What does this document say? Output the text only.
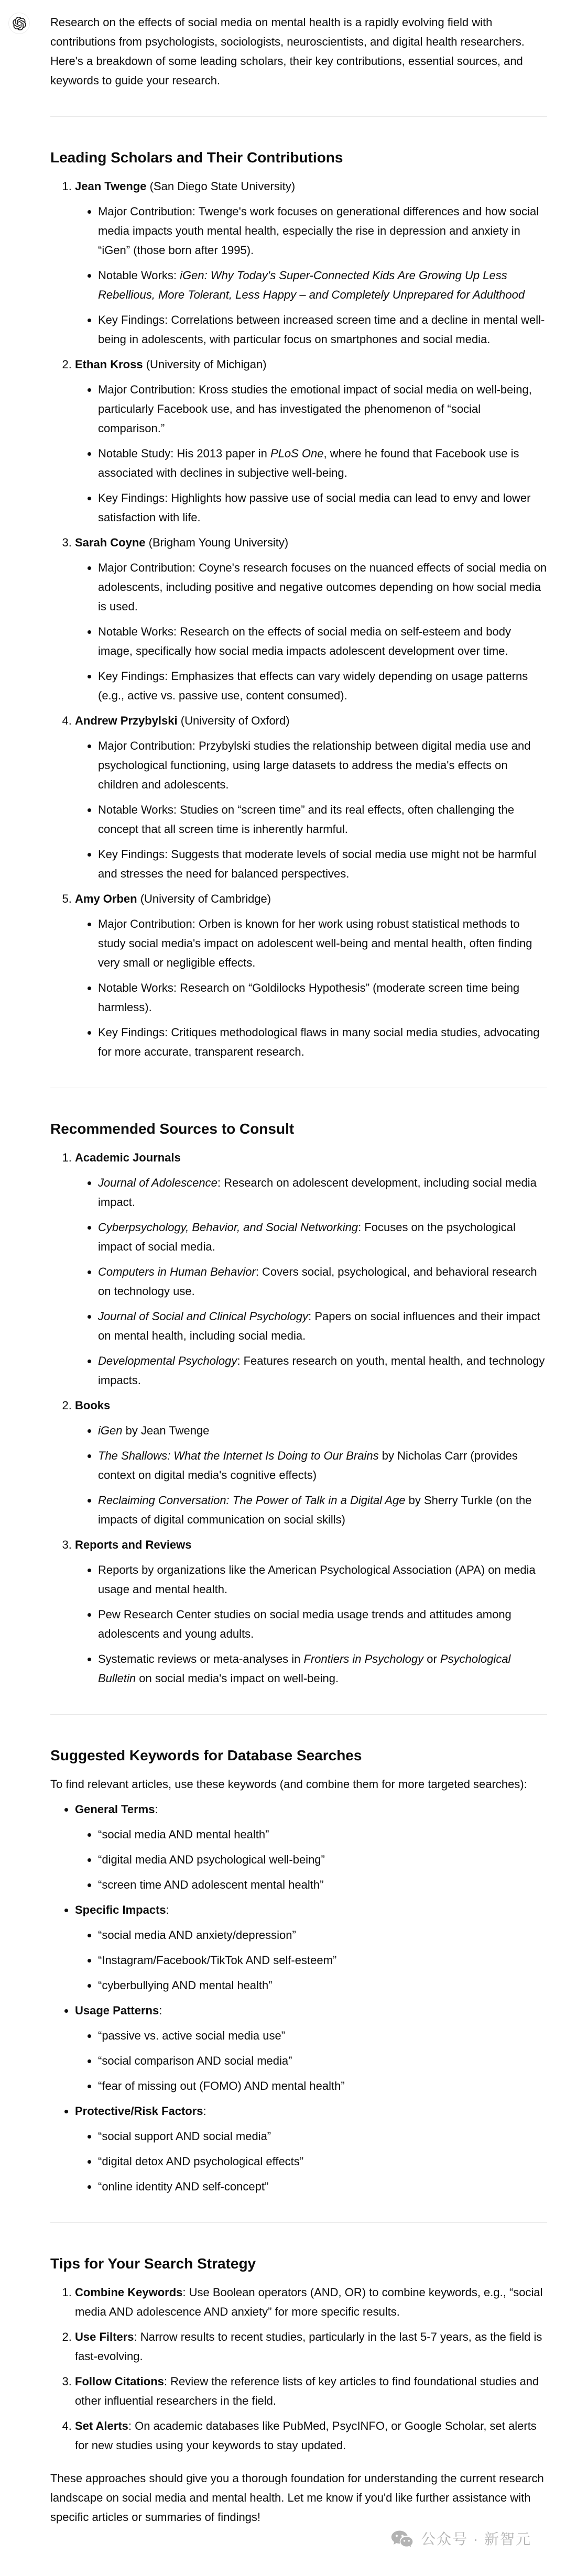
Research on the effects of social media on mental health is a rapidly evolving field with contributions from psychologists, sociologists, neuroscientists, and digital health researchers. Here's a breakdown of some leading scholars, their key contributions, essential sources, and keywords to guide your research.

Leading Scholars and Their Contributions
1. Jean Twenge (San Diego State University)
• Major Contribution: Twenge's work focuses on generational differences and how social media impacts youth mental health, especially the rise in depression and anxiety in “iGen” (those born after 1995).
• Notable Works: iGen: Why Today's Super-Connected Kids Are Growing Up Less Rebellious, More Tolerant, Less Happy – and Completely Unprepared for Adulthood
• Key Findings: Correlations between increased screen time and a decline in mental well-being in adolescents, with particular focus on smartphones and social media.
2. Ethan Kross (University of Michigan)
• Major Contribution: Kross studies the emotional impact of social media on well-being, particularly Facebook use, and has investigated the phenomenon of “social comparison.”
• Notable Study: His 2013 paper in PLoS One, where he found that Facebook use is associated with declines in subjective well-being.
• Key Findings: Highlights how passive use of social media can lead to envy and lower satisfaction with life.
3. Sarah Coyne (Brigham Young University)
• Major Contribution: Coyne's research focuses on the nuanced effects of social media on adolescents, including positive and negative outcomes depending on how social media is used.
• Notable Works: Research on the effects of social media on self-esteem and body image, specifically how social media impacts adolescent development over time.
• Key Findings: Emphasizes that effects can vary widely depending on usage patterns (e.g., active vs. passive use, content consumed).
4. Andrew Przybylski (University of Oxford)
• Major Contribution: Przybylski studies the relationship between digital media use and psychological functioning, using large datasets to address the media's effects on children and adolescents.
• Notable Works: Studies on “screen time” and its real effects, often challenging the concept that all screen time is inherently harmful.
• Key Findings: Suggests that moderate levels of social media use might not be harmful and stresses the need for balanced perspectives.
5. Amy Orben (University of Cambridge)
• Major Contribution: Orben is known for her work using robust statistical methods to study social media's impact on adolescent well-being and mental health, often finding very small or negligible effects.
• Notable Works: Research on “Goldilocks Hypothesis” (moderate screen time being harmless).
• Key Findings: Critiques methodological flaws in many social media studies, advocating for more accurate, transparent research.
Recommended Sources to Consult
1. Academic Journals
• Journal of Adolescence: Research on adolescent development, including social media impact.
• Cyberpsychology, Behavior, and Social Networking: Focuses on the psychological impact of social media.
• Computers in Human Behavior: Covers social, psychological, and behavioral research on technology use.
• Journal of Social and Clinical Psychology: Papers on social influences and their impact on mental health, including social media.
• Developmental Psychology: Features research on youth, mental health, and technology impacts.
2. Books
• iGen by Jean Twenge
• The Shallows: What the Internet Is Doing to Our Brains by Nicholas Carr (provides context on digital media's cognitive effects)
• Reclaiming Conversation: The Power of Talk in a Digital Age by Sherry Turkle (on the impacts of digital communication on social skills)
3. Reports and Reviews
• Reports by organizations like the American Psychological Association (APA) on media usage and mental health.
• Pew Research Center studies on social media usage trends and attitudes among adolescents and young adults.
• Systematic reviews or meta-analyses in Frontiers in Psychology or Psychological Bulletin on social media's impact on well-being.
Suggested Keywords for Database Searches

To find relevant articles, use these keywords (and combine them for more targeted searches):

• General Terms:
• “social media AND mental health”
• “digital media AND psychological well-being”
• “screen time AND adolescent mental health”
• Specific Impacts:
• “social media AND anxiety/depression”
• “Instagram/Facebook/TikTok AND self-esteem”
• “cyberbullying AND mental health”
• Usage Patterns:
• “passive vs. active social media use”
• “social comparison AND social media”
• “fear of missing out (FOMO) AND mental health”
• Protective/Risk Factors:
• “social support AND social media”
• “digital detox AND psychological effects”
• “online identity AND self-concept”
Tips for Your Search Strategy
1. Combine Keywords: Use Boolean operators (AND, OR) to combine keywords, e.g., “social media AND adolescence AND anxiety” for more specific results.
2. Use Filters: Narrow results to recent studies, particularly in the last 5-7 years, as the field is fast-evolving.
3. Follow Citations: Review the reference lists of key articles to find foundational studies and other influential researchers in the field.
4. Set Alerts: On academic databases like PubMed, PsycINFO, or Google Scholar, set alerts for new studies using your keywords to stay updated.

These approaches should give you a thorough foundation for understanding the current research landscape on social media and mental health. Let me know if you'd like further assistance with specific articles or summaries of findings!

公众号 · 新智元
